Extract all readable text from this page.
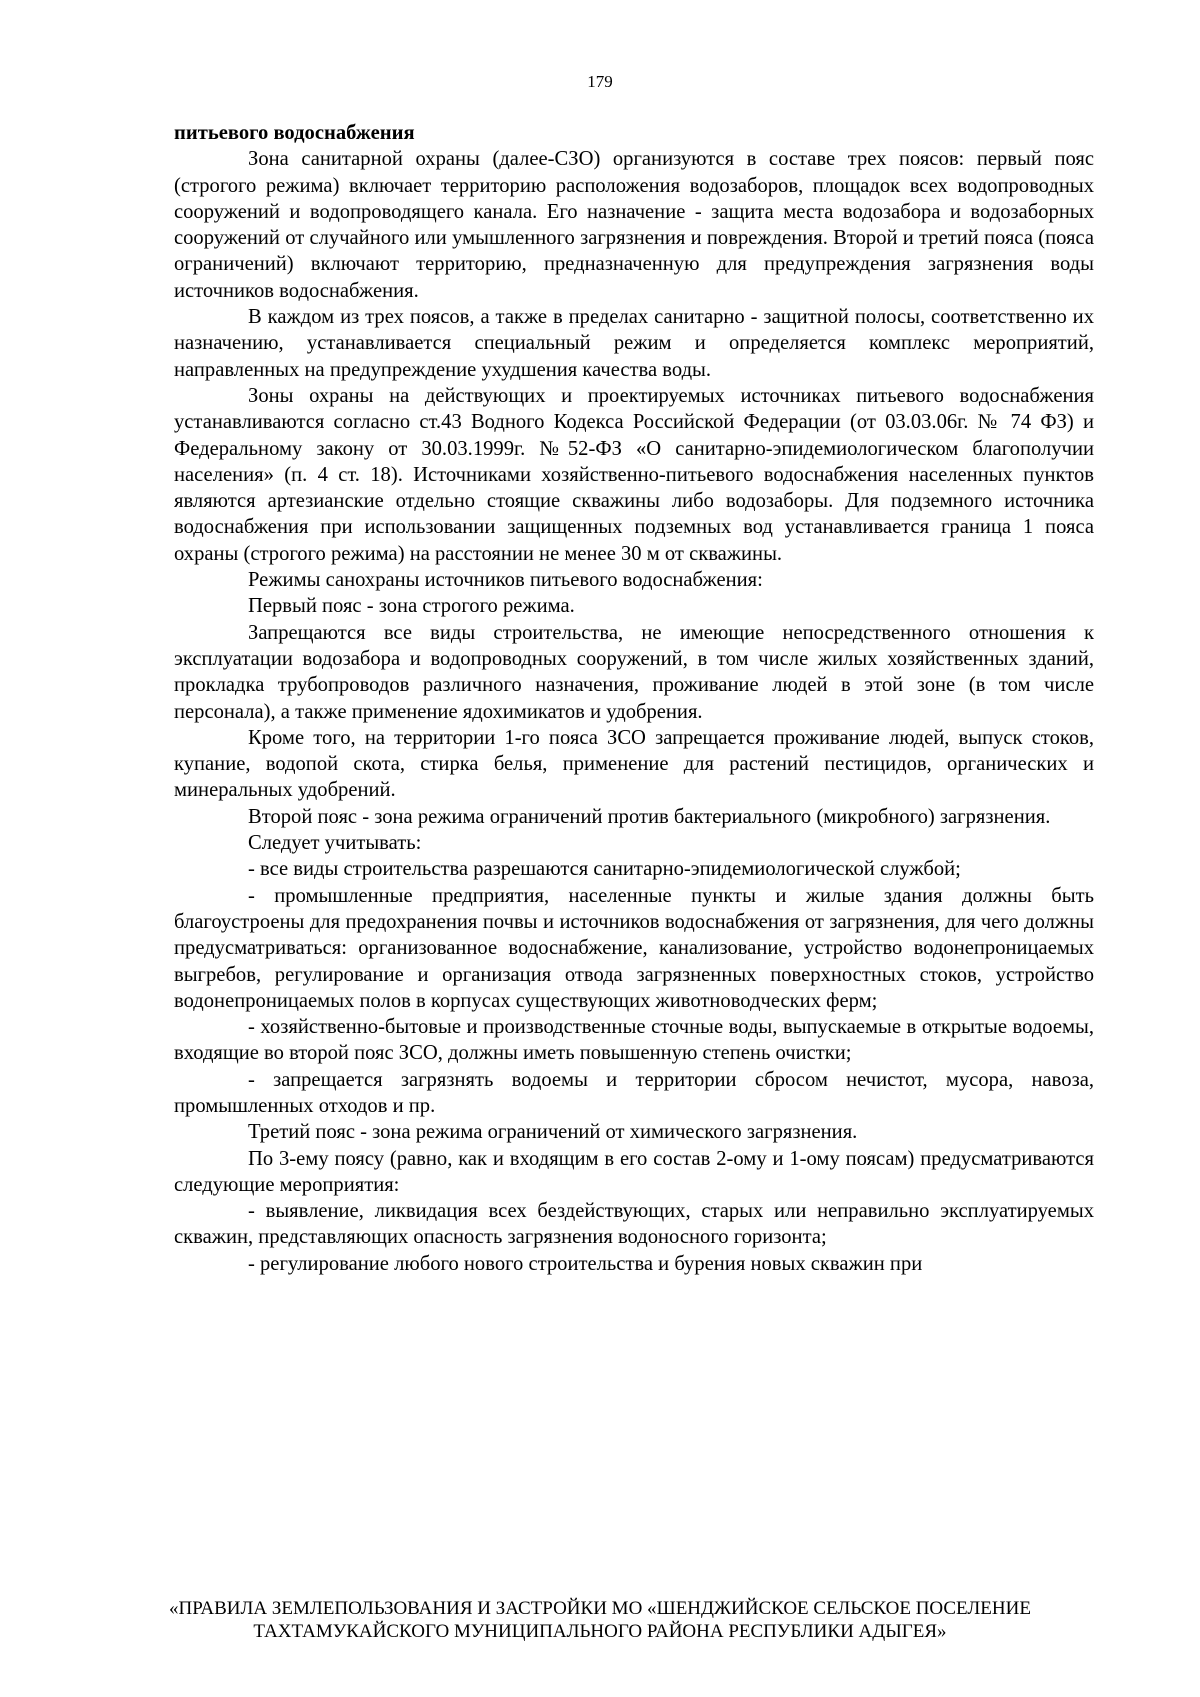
179

питьевого водоснабжения

Зона санитарной охраны (далее-СЗО) организуются в составе трех поясов: первый пояс (строгого режима) включает территорию расположения водозаборов, площадок всех водопроводных сооружений и водопроводящего канала. Его назначение - защита места водозабора и водозаборных сооружений от случайного или умышленного загрязнения и повреждения. Второй и третий пояса (пояса ограничений) включают территорию, предназначенную для предупреждения загрязнения воды источников водоснабжения.

В каждом из трех поясов, а также в пределах санитарно - защитной полосы, соответственно их назначению, устанавливается специальный режим и определяется комплекс мероприятий, направленных на предупреждение ухудшения качества воды.

Зоны охраны на действующих и проектируемых источниках питьевого водоснабжения устанавливаются согласно ст.43 Водного Кодекса Российской Федерации (от 03.03.06г. № 74 ФЗ) и Федеральному закону от 30.03.1999г. №52-ФЗ «О санитарно-эпидемиологическом благополучии населения» (п. 4 ст. 18). Источниками хозяйственно-питьевого водоснабжения населенных пунктов являются артезианские отдельно стоящие скважины либо водозаборы. Для подземного источника водоснабжения при использовании защищенных подземных вод устанавливается граница 1 пояса охраны (строгого режима) на расстоянии не менее 30 м от скважины.

Режимы санохраны источников питьевого водоснабжения:

Первый пояс - зона строгого режима.

Запрещаются все виды строительства, не имеющие непосредственного отношения к эксплуатации водозабора и водопроводных сооружений, в том числе жилых хозяйственных зданий, прокладка трубопроводов различного назначения, проживание людей в этой зоне (в том числе персонала), а также применение ядохимикатов и удобрения.

Кроме того, на территории 1-го пояса ЗСО запрещается проживание людей, выпуск стоков, купание, водопой скота, стирка белья, применение для растений пестицидов, органических и минеральных удобрений.

Второй пояс - зона режима ограничений против бактериального (микробного) загрязнения.

Следует учитывать:

- все виды строительства разрешаются санитарно-эпидемиологической службой;

- промышленные предприятия, населенные пункты и жилые здания должны быть благоустроены для предохранения почвы и источников водоснабжения от загрязнения, для чего должны предусматриваться: организованное водоснабжение, канализование, устройство водонепроницаемых выгребов, регулирование и организация отвода загрязненных поверхностных стоков, устройство водонепроницаемых полов в корпусах существующих животноводческих ферм;

- хозяйственно-бытовые и производственные сточные воды, выпускаемые в открытые водоемы, входящие во второй пояс ЗСО, должны иметь повышенную степень очистки;

- запрещается загрязнять водоемы и территории сбросом нечистот, мусора, навоза, промышленных отходов и пр.

Третий пояс - зона режима ограничений от химического загрязнения.

По 3-ему поясу (равно, как и входящим в его состав 2-ому и 1-ому поясам) предусматриваются следующие мероприятия:

- выявление, ликвидация всех бездействующих, старых или неправильно эксплуатируемых скважин, представляющих опасность загрязнения водоносного горизонта;

- регулирование любого нового строительства и бурения новых скважин при

«ПРАВИЛА ЗЕМЛЕПОЛЬЗОВАНИЯ И ЗАСТРОЙКИ МО «ШЕНДЖИЙСКОЕ СЕЛЬСКОЕ ПОСЕЛЕНИЕ
ТАХТАМУКАЙСКОГО МУНИЦИПАЛЬНОГО РАЙОНА РЕСПУБЛИКИ АДЫГЕЯ»
